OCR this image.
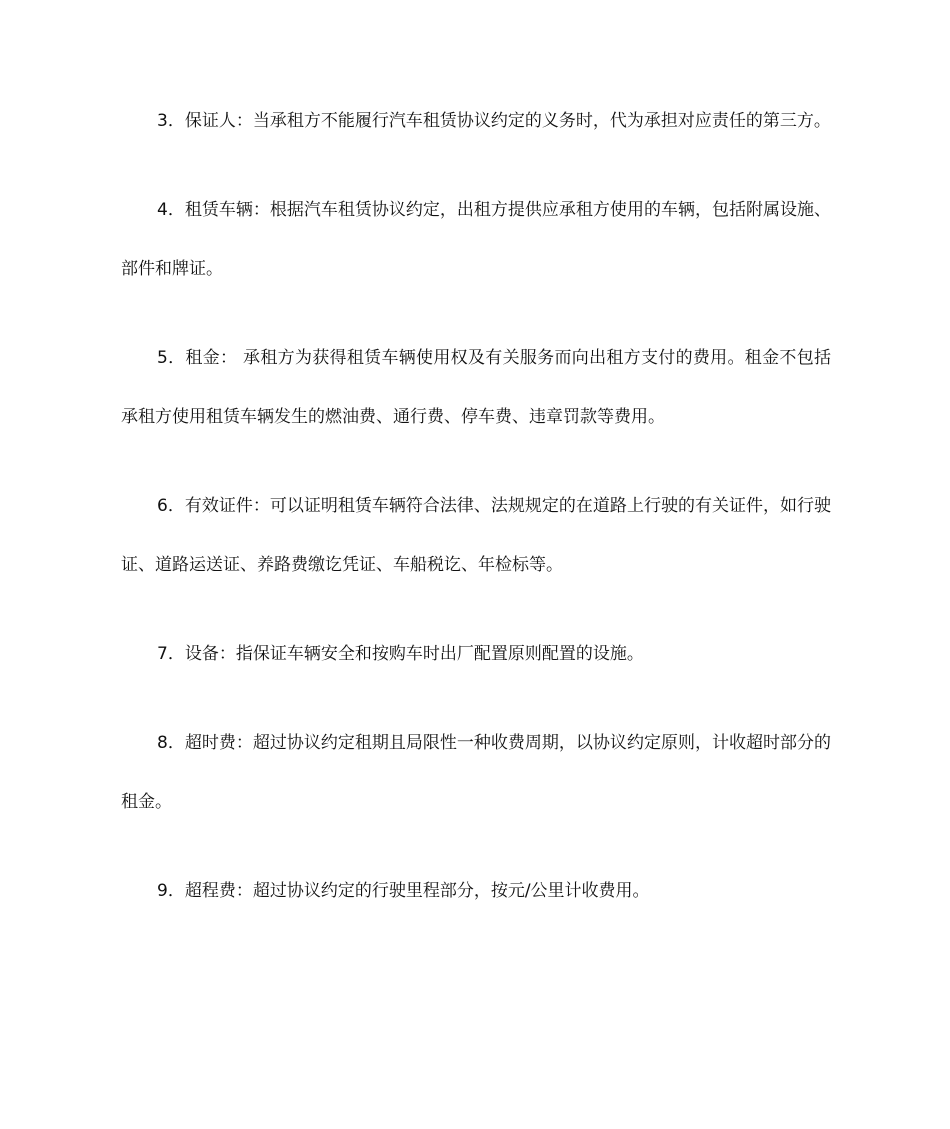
3．保证人：当承租方不能履行汽车租赁协议约定的义务时，代为承担对应责任的第三方。

4．租赁车辆：根据汽车租赁协议约定，出租方提供应承租方使用的车辆，包括附属设施、部件和牌证。

5．租金： 承租方为获得租赁车辆使用权及有关服务而向出租方支付的费用。租金不包括承租方使用租赁车辆发生的燃油费、通行费、停车费、违章罚款等费用。

6．有效证件：可以证明租赁车辆符合法律、法规规定的在道路上行驶的有关证件，如行驶证、道路运送证、养路费缴讫凭证、车船税讫、年检标等。

7．设备：指保证车辆安全和按购车时出厂配置原则配置的设施。

8．超时费：超过协议约定租期且局限性一种收费周期，以协议约定原则，计收超时部分的租金。

9．超程费：超过协议约定的行驶里程部分，按元/公里计收费用。
